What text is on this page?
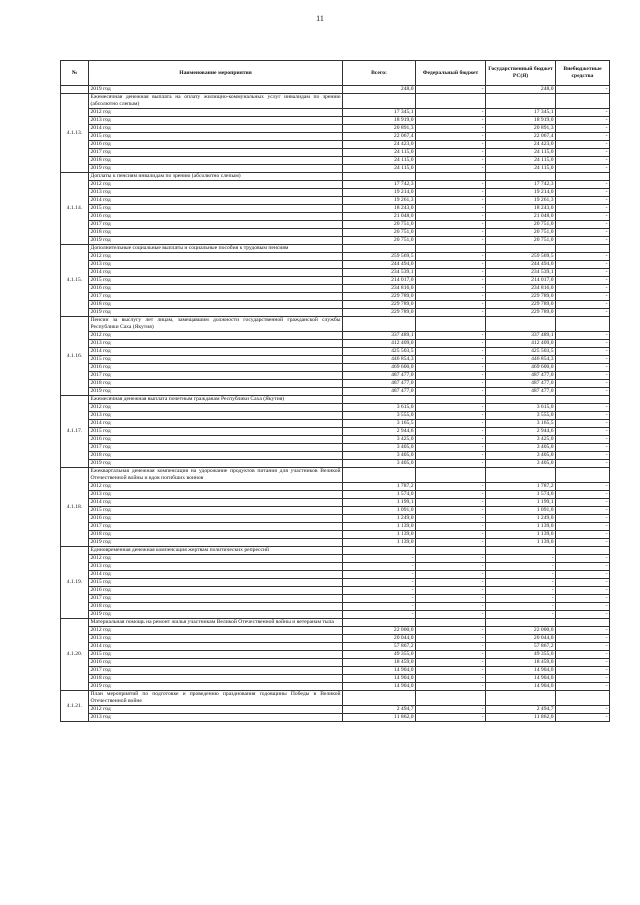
11
№	Наименование мероприятия	Всего:	Федеральный бюджет	Государственный бюджет РС(Я)	Внебюджетные средства
	2019 год	248,0	-	248,0	-
4.1.13.	Ежемесячная денежная выплата на оплату жилищно-коммунальных услуг инвалидам по зрению (абсолютно слепым)				
	2012 год	17 345,1	-	17 345,1	-
	2013 год	18 919,0	-	18 919,0	-
	2014 год	20 891,3	-	20 891,3	-
	2015 год	22 067,4	-	22 067,4	-
	2016 год	24 423,0	-	24 423,0	-
	2017 год	24 115,0	-	24 115,0	-
	2018 год	24 115,0	-	24 115,0	-
	2019 год	24 115,0	-	24 115,0	-
4.1.14.	Доплаты к пенсиям инвалидам по зрению (абсолютно слепым)				
	2012 год	17 742,3	-	17 742,3	-
	2013 год	19 214,0	-	19 214,0	-
	2014 год	19 261,3	-	19 261,3	-
	2015 год	18 243,0	-	18 243,0	-
	2016 год	21 048,0	-	21 048,0	-
	2017 год	20 751,0	-	20 751,0	-
	2018 год	20 751,0	-	20 751,0	-
	2019 год	20 751,0	-	20 751,0	-
4.1.15.	Дополнительные социальные выплаты и социальные пособия к трудовым пенсиям				
	2012 год	259 569,5	-	259 569,5	-
	2013 год	244 494,0	-	244 494,0	-
	2014 год	234 539,1	-	234 539,1	-
	2015 год	214 017,0	-	214 017,0	-
	2016 год	234 816,0	-	234 816,0	-
	2017 год	229 789,0	-	229 789,0	-
	2018 год	229 789,0	-	229 789,0	-
	2019 год	229 789,0	-	229 789,0	-
4.1.16.	Пенсии за выслугу лет лицам, замещавшим должности государственной гражданской службы Республики Саха (Якутия)				
	2012 год	337 489,1	-	337 489,1	-
	2013 год	412 409,0	-	412 409,0	-
	2014 год	425 503,5	-	425 503,5	-
	2015 год	446 854,3	-	446 854,3	-
	2016 год	469 600,0	-	469 600,0	-
	2017 год	487 477,0	-	487 477,0	-
	2018 год	487 477,0	-	487 477,0	-
	2019 год	487 477,0	-	487 477,0	-
4.1.17.	Ежемесячная денежная выплата почетным гражданам Республики Саха (Якутия)				
	2012 год	3 615,0	-	3 615,0	-
	2013 год	3 555,0	-	3 555,0	-
	2014 год	3 165,5	-	3 165,5	-
	2015 год	2 944,6	-	2 944,6	-
	2016 год	3 425,0	-	3 425,0	-
	2017 год	3 405,0	-	3 405,0	-
	2018 год	3 405,0	-	3 405,0	-
	2019 год	3 405,0	-	3 405,0	-
4.1.18.	Ежеквартальная денежная компенсация на удорожание продуктов питания для участников Великой Отечественной войны и вдов погибших воинов				
	2012 год	1 787,2	-	1 787,2	-
	2013 год	1 574,0	-	1 574,0	-
	2014 год	1 199,1	-	1 199,1	-
	2015 год	1 091,0	-	1 091,0	-
	2016 год	1 249,0	-	1 249,0	-
	2017 год	1 139,0	-	1 139,0	-
	2018 год	1 139,0	-	1 139,0	-
	2019 год	1 139,0	-	1 139,0	-
4.1.19.	Единовременная денежная компенсация жертвам политических репрессий				
	2012 год	-	-	-	-
	2013 год	-	-	-	-
	2014 год	-	-	-	-
	2015 год	-	-	-	-
	2016 год	-	-	-	-
	2017 год	-	-	-	-
	2018 год	-	-	-	-
	2019 год	-	-	-	-
4.1.20.	Материальная помощь на ремонт жилья участникам Великой Отечественной войны и ветеранам тыла				
	2012 год	22 000,0	-	22 000,0	-
	2013 год	20 044,0	-	20 044,0	-
	2014 год	57 867,2	-	57 867,2	-
	2015 год	49 355,0	-	49 355,0	-
	2016 год	18 459,0	-	18 459,0	-
	2017 год	14 904,0	-	14 904,0	-
	2018 год	14 904,0	-	14 904,0	-
	2019 год	14 904,0	-	14 904,0	-
4.1.21.	План мероприятий по подготовке и проведению празднования годовщины Победы в Великой Отечественной войне				
	2012 год	2 494,7	-	2 494,7	-
	2013 год	11 862,0	-	11 862,0	-
